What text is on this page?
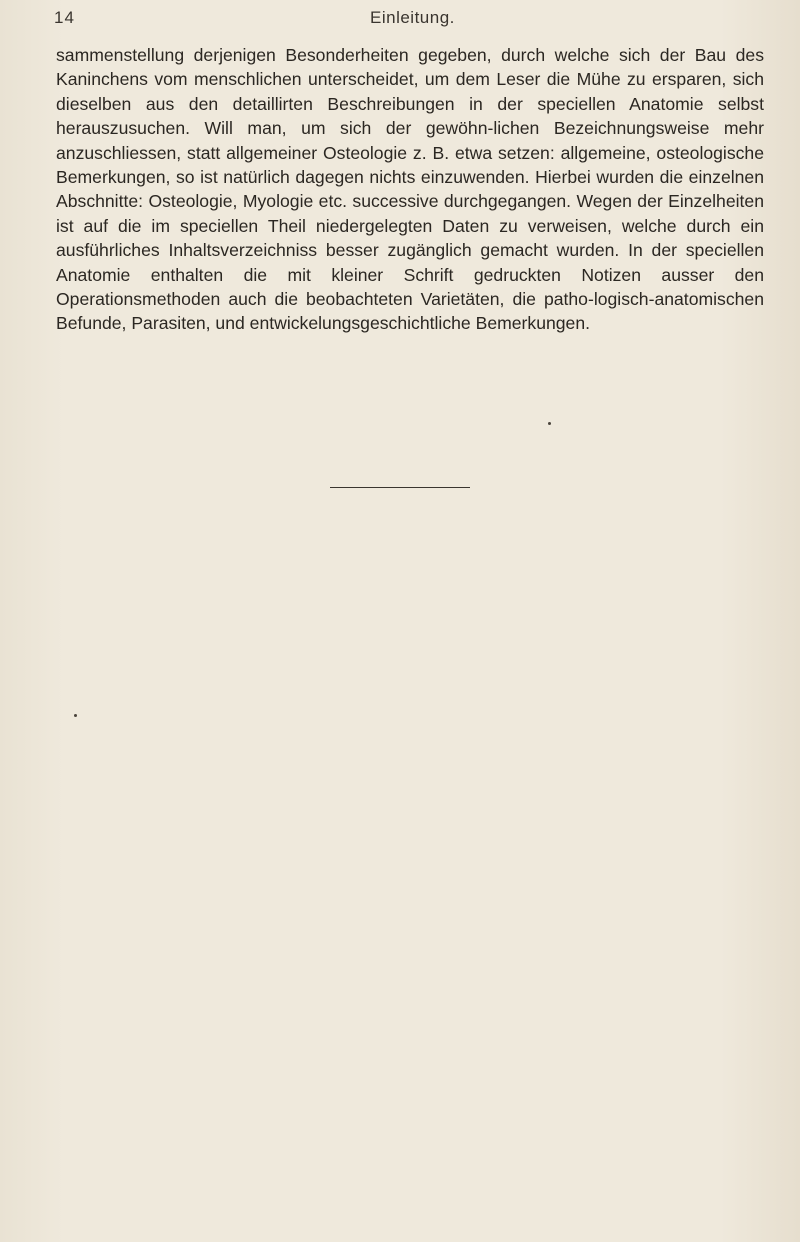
14	Einleitung.

sammenstellung derjenigen Besonderheiten gegeben, durch welche sich der Bau des Kaninchens vom menschlichen unterscheidet, um dem Leser die Mühe zu ersparen, sich dieselben aus den detaillirten Beschreibungen in der speciellen Anatomie selbst herauszusuchen. Will man, um sich der gewöhn-lichen Bezeichnungsweise mehr anzuschliessen, statt allgemeiner Osteologie z. B. etwa setzen: allgemeine, osteologische Bemerkungen, so ist natürlich dagegen nichts einzuwenden. Hierbei wurden die einzelnen Abschnitte: Osteologie, Myologie etc. successive durchgegangen. Wegen der Einzelheiten ist auf die im speciellen Theil niedergelegten Daten zu verweisen, welche durch ein ausführliches Inhaltsverzeichniss besser zugänglich gemacht wurden. In der speciellen Anatomie enthalten die mit kleiner Schrift gedruckten Notizen ausser den Operationsmethoden auch die beobachteten Varietäten, die patho-logisch-anatomischen Befunde, Parasiten, und entwickelungsgeschichtliche Bemerkungen.
